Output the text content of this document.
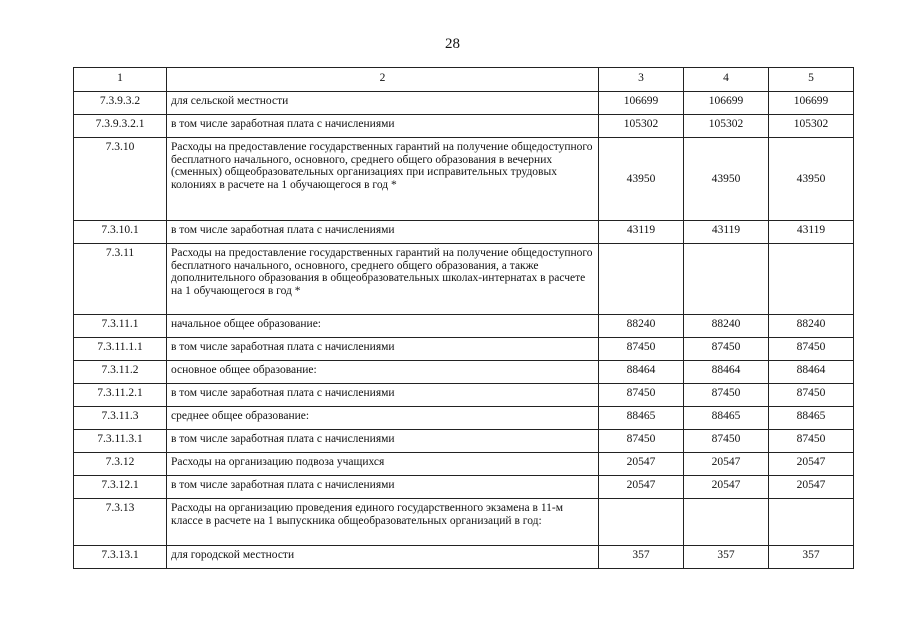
28
1	2	3	4	5
7.3.9.3.2	для сельской местности	106699	106699	106699
7.3.9.3.2.1	в том числе заработная плата с начислениями	105302	105302	105302
7.3.10	Расходы на предоставление государственных гарантий на получение общедоступного бесплатного начального, основного, среднего общего образования в вечерних (сменных) общеобразовательных организациях при исправительных трудовых колониях в расчете на 1 обучающегося в год *	43950	43950	43950
7.3.10.1	в том числе заработная плата с начислениями	43119	43119	43119
7.3.11	Расходы на предоставление государственных гарантий на получение общедоступного бесплатного начального, основного, среднего общего образования, а также дополнительного образования в общеобразовательных школах-интернатах в расчете на 1 обучающегося в год *			
7.3.11.1	начальное общее образование:	88240	88240	88240
7.3.11.1.1	в том числе заработная плата с начислениями	87450	87450	87450
7.3.11.2	основное общее образование:	88464	88464	88464
7.3.11.2.1	в том числе заработная плата с начислениями	87450	87450	87450
7.3.11.3	среднее общее образование:	88465	88465	88465
7.3.11.3.1	в том числе заработная плата с начислениями	87450	87450	87450
7.3.12	Расходы на организацию подвоза учащихся	20547	20547	20547
7.3.12.1	в том числе заработная плата с начислениями	20547	20547	20547
7.3.13	Расходы на организацию проведения единого государственного экзамена в 11-м классе в расчете на 1 выпускника общеобразовательных организаций в год:			
7.3.13.1	для городской местности	357	357	357
